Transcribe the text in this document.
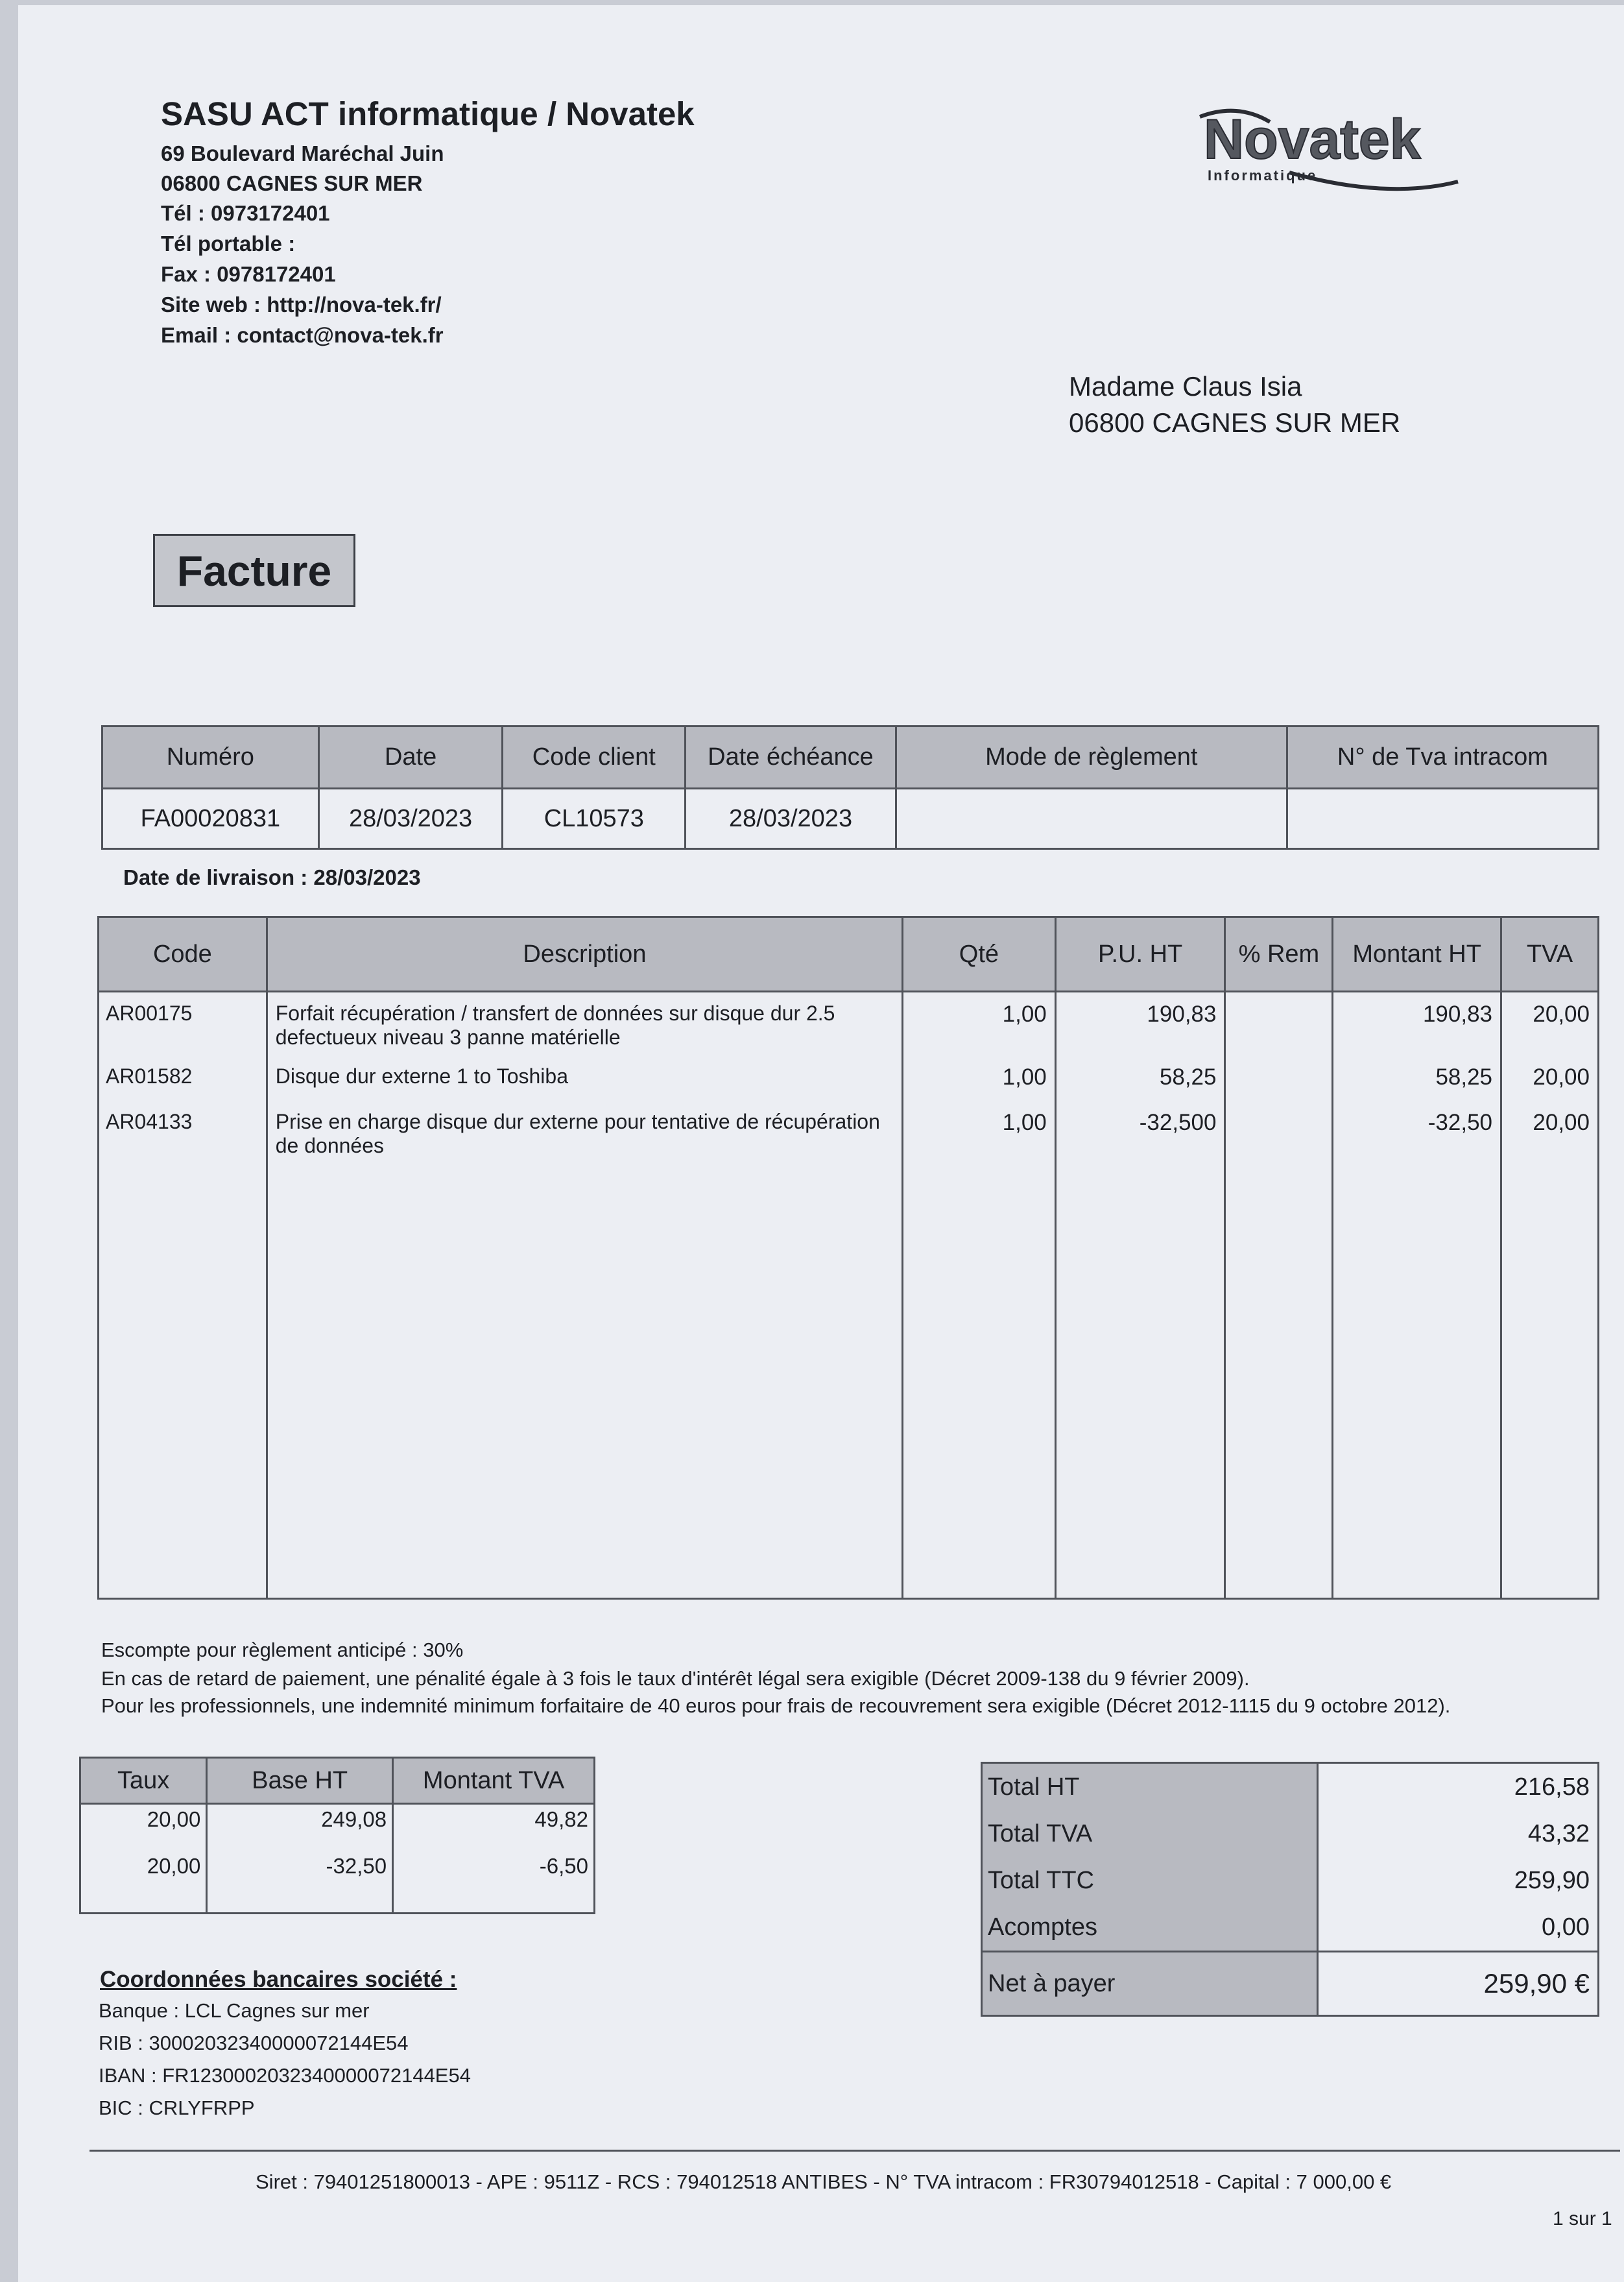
SASU ACT informatique / Novatek
69 Boulevard Maréchal Juin
06800 CAGNES SUR MER
Tél : 0973172401
Tél portable :
Fax : 0978172401
Site web : http://nova-tek.fr/
Email : contact@nova-tek.fr
Novatek
Informatique
Madame Claus Isia
06800 CAGNES SUR MER
Facture
Numéro	Date	Code client	Date échéance	Mode de règlement	N° de Tva intracom
FA00020831	28/03/2023	CL10573	28/03/2023		
Date de livraison : 28/03/2023
Code	Description	Qté	P.U. HT	% Rem	Montant HT	TVA
AR00175	Forfait récupération / transfert de données sur disque dur 2.5
defectueux niveau 3 panne matérielle	1,00	190,83		190,83	20,00
AR01582	Disque dur externe 1 to Toshiba	1,00	58,25		58,25	20,00
AR04133	Prise en charge disque dur externe pour tentative de récupération
de données	1,00	-32,500		-32,50	20,00
Escompte pour règlement anticipé : 30%
En cas de retard de paiement, une pénalité égale à 3 fois le taux d'intérêt légal sera exigible (Décret 2009-138 du 9 février 2009).
Pour les professionnels, une indemnité minimum forfaitaire de 40 euros pour frais de recouvrement sera exigible (Décret 2012-1115 du 9 octobre 2012).
Taux	Base HT	Montant TVA
20,00	249,08	49,82
20,00	-32,50	-6,50
Total HT	216,58
Total TVA	43,32
Total TTC	259,90
Acomptes	0,00
Net à payer	259,90 €
Coordonnées bancaires société :
Banque : LCL Cagnes sur mer
RIB : 30002032340000072144E54
IBAN : FR1230002032340000072144E54
BIC : CRLYFRPP
Siret : 79401251800013 - APE : 9511Z - RCS : 794012518 ANTIBES - N° TVA intracom : FR30794012518 - Capital : 7 000,00 €
1 sur 1
